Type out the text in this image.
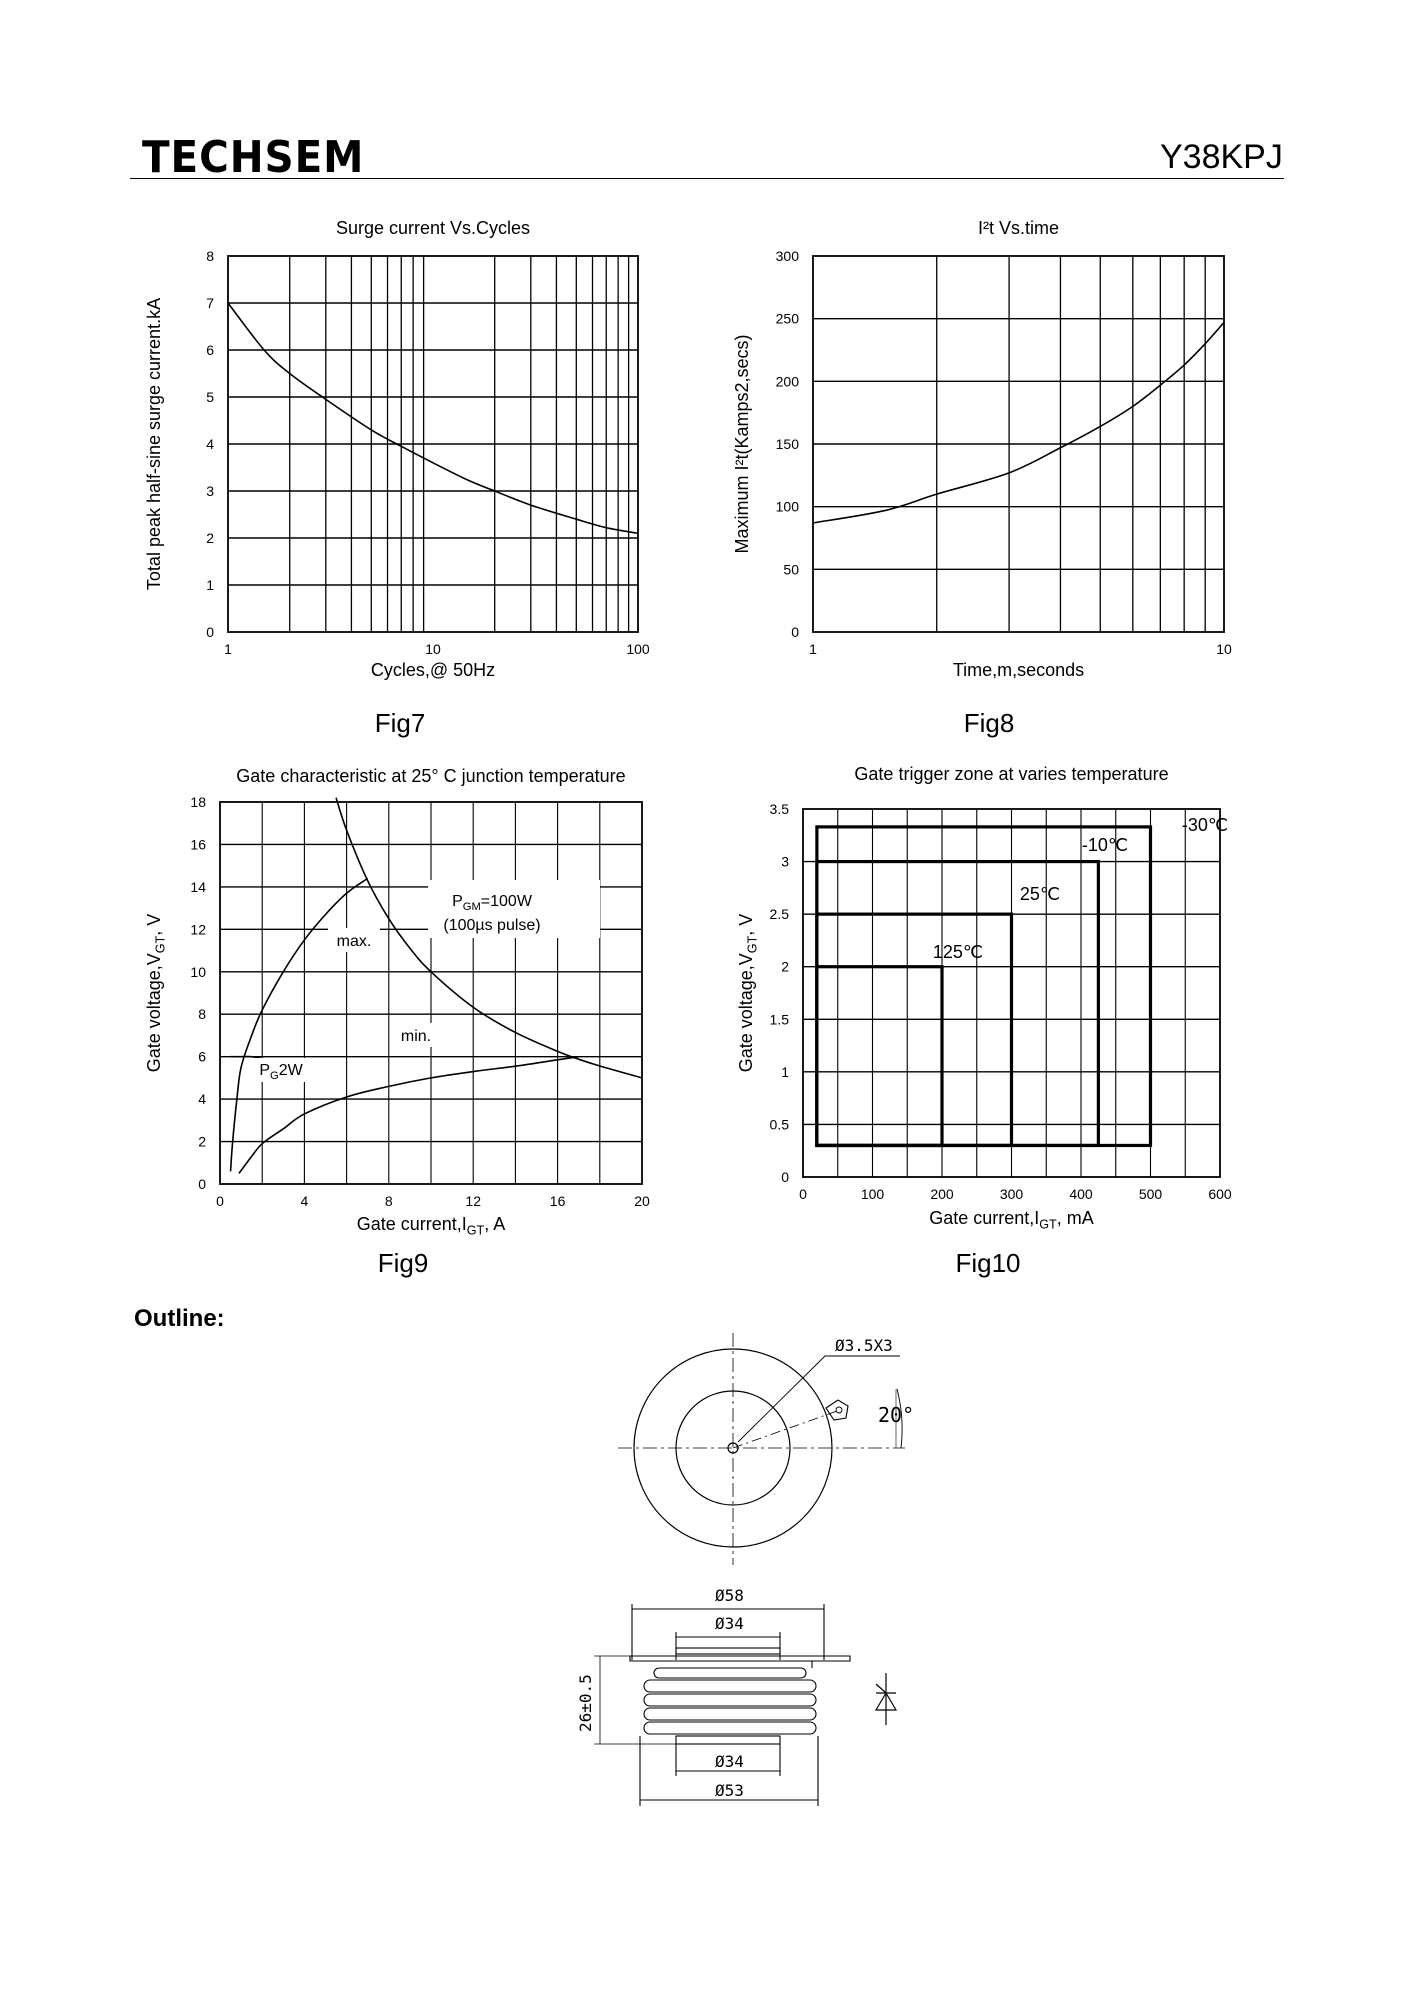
TECHSEM	Y38KPJ
1	10	100
0
1
2
3
4
5
6
7
8
Surge current Vs.Cycles
Cycles,@ 50Hz
Total peak half-sine surge current.kA
Fig7
1	10
0
50
100
150
200
250
300
I²t Vs.time
Time,m,seconds
Maximum I²t(Kamps2,secs)
Fig8
0	4	8	12	16	20
0
2
4
6
8
10
12
14
16
18
Gate characteristic at 25° C junction temperature
Gate $current,I_{GT}$, A
Gate $voltage,V_{GT}$, V
Fig9
$P_{GM}=100W$
(100µs pulse)
max.
min.
$P_G2W$
0	100	200	300	400	500	600
0
0.5
1
1.5
2
2.5
3
3.5
Gate trigger zone at varies temperature
Gate $current,I_{GT}$, mA
Gate $voltage,V_{GT}$, V
Fig10
-30℃
-10℃
25℃
125℃
Outline:
Ø3.5X3
20°
Ø58
Ø34
Ø34
Ø53
26±0.5
